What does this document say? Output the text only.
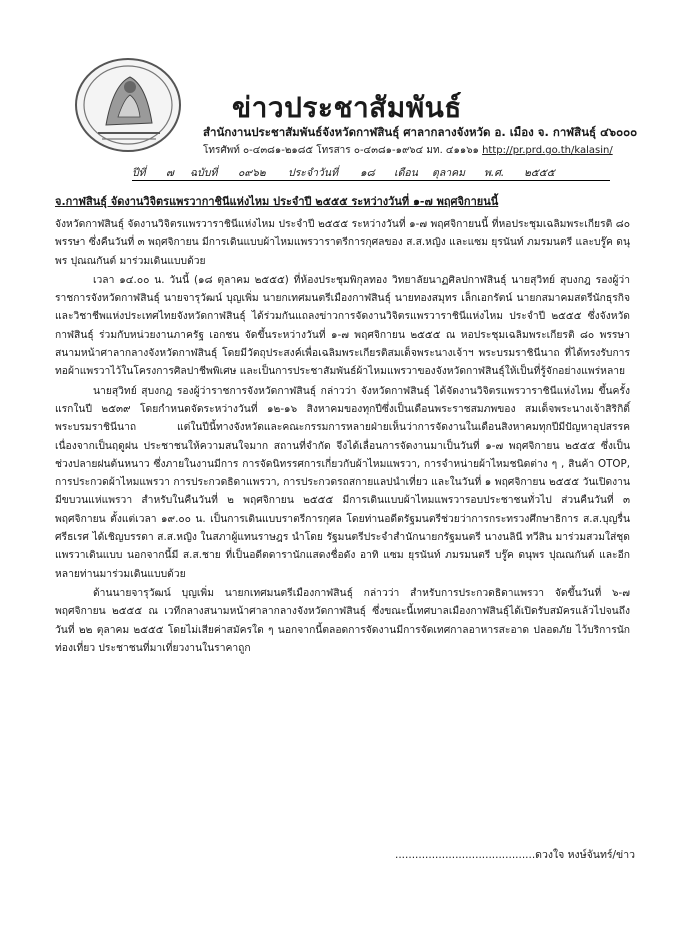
ข่าวประชาสัมพันธ์
สำนักงานประชาสัมพันธ์จังหวัดกาฬสินธุ์ ศาลากลางจังหวัด อ. เมือง จ. กาฬสินธุ์ ๔๖๐๐๐
โทรศัพท์ ๐-๔๓๘๑-๒๑๘๕ โทรสาร ๐-๔๓๘๑-๑๙๖๔ มท. ๔๑๑๖๑ http://pr.prd.go.th/kalasin/
ปีที่ ๗ ฉบับที่ ๐๙๖๒ ประจำวันที่ ๑๘ เดือน ตุลาคม พ.ศ. ๒๕๕๕
จ.กาฬสินธุ์ จัดงานวิจิตรแพรวากาชินีแห่งไหม ประจำปี ๒๕๕๕ ระหว่างวันที่ ๑-๗ พฤศจิกายนนี้

จังหวัดกาฬสินธุ์ จัดงานวิจิตรแพรวาราชินีแห่งไหม ประจำปี ๒๕๕๕ ระหว่างวันที่ ๑-๗ พฤศจิกายนนี้ ที่หอประชุมเฉลิมพระเกียรติ ๘๐ พรรษา ซึ่งคืนวันที่ ๓ พฤศจิกายน มีการเดินแบบผ้าไหมแพรวาราตรีการกุศลของ ส.ส.หญิง และแซม ยุรนันท์ ภมรมนตรี และบรู๊ค ดนุพร ปุณณกันต์ มาร่วมเดินแบบด้วย

เวลา ๑๔.๐๐ น. วันนี้ (๑๘ ตุลาคม ๒๕๕๕) ที่ห้องประชุมพิกุลทอง วิทยาลัยนาฏศิลปกาฬสินธุ์ นายสุวิทย์ สุบงกฎ รองผู้ว่าราชการจังหวัดกาฬสินธุ์ นายจารุวัฒน์ บุญเพิ่ม นายกเทศมนตรีเมืองกาฬสินธุ์ นายทองสมุทร เล็กเอกรัตน์ นายกสมาคมสตรีนักธุรกิจและวิชาชีพแห่งประเทศไทยจังหวัดกาฬสินธุ์ ได้ร่วมกันแถลงข่าวการจัดงานวิจิตรแพรวาราชินีแห่งไหม ประจำปี ๒๕๕๕ ซึ่งจังหวัดกาฬสินธุ์ ร่วมกับหน่วยงานภาครัฐ เอกชน จัดขึ้นระหว่างวันที่ ๑-๗ พฤศจิกายน ๒๕๕๕ ณ หอประชุมเฉลิมพระเกียรติ ๘๐ พรรษา สนามหน้าศาลากลางจังหวัดกาฬสินธุ์ โดยมีวัตถุประสงค์เพื่อเฉลิมพระเกียรติสมเด็จพระนางเจ้าฯ พระบรมราชินีนาถ ที่ได้ทรงรับการทอผ้าแพรวาไว้ในโครงการศิลปาชีพพิเศษ และเป็นการประชาสัมพันธ์ผ้าไหมแพรวาของจังหวัดกาฬสินธุ์ให้เป็นที่รู้จักอย่างแพร่หลาย

นายสุวิทย์ สุบงกฎ รองผู้ว่าราชการจังหวัดกาฬสินธุ์ กล่าวว่า จังหวัดกาฬสินธุ์ ได้จัดงานวิจิตรแพรวาราชินีแห่งไหม ขึ้นครั้งแรกในปี ๒๕๓๙ โดยกำหนดจัดระหว่างวันที่ ๑๒-๑๖ สิงหาคมของทุกปีซึ่งเป็นเดือนพระราชสมภพของ สมเด็จพระนางเจ้าสิริกิติ์ พระบรมราชินีนาถ แต่ในปีนี้ทางจังหวัดและคณะกรรมการหลายฝ่ายเห็นว่าการจัดงานในเดือนสิงหาคมทุกปีมีปัญหาอุปสรรค เนื่องจากเป็นฤดูฝน ประชาชนให้ความสนใจมาก สถานที่จำกัด จึงได้เลื่อนการจัดงานมาเป็นวันที่ ๑-๗ พฤศจิกายน ๒๕๕๕ ซึ่งเป็นช่วงปลายฝนต้นหนาว ซึ่งภายในงานมีการ การจัดนิทรรศการเกี่ยวกับผ้าไหมแพรวา, การจำหน่ายผ้าไหมชนิดต่าง ๆ , สินค้า OTOP, การประกวดผ้าไหมแพรวา การประกวดธิดาแพรวา, การประกวดรถสกายแลปนำเที่ยว และในวันที่ ๑ พฤศจิกายน ๒๕๕๕ วันเปิดงานมีขบวนแห่แพรวา สำหรับในคืนวันที่ ๒ พฤศจิกายน ๒๕๕๕ มีการเดินแบบผ้าไหมแพรวารอบประชาชนทั่วไป ส่วนคืนวันที่ ๓ พฤศจิกายน ตั้งแต่เวลา ๑๙.๐๐ น. เป็นการเดินแบบราตรีการกุศล โดยท่านอดีตรัฐมนตรีช่วยว่าการกระทรวงศึกษาธิการ ส.ส.บุญรื่น ศรีธเรศ ได้เชิญบรรดา ส.ส.หญิง ในสภาผู้แทนราษฎร นำโดย รัฐมนตรีประจำสำนักนายกรัฐมนตรี นางนลินี ทวีสิน มาร่วมสวมใส่ชุดแพรวาเดินแบบ นอกจากนี้มี ส.ส.ชาย ที่เป็นอดีตดารานักแสดงชื่อดัง อาทิ แซม ยุรนันท์ ภมรมนตรี บรู๊ค ดนุพร ปุณณกันต์ และอีกหลายท่านมาร่วมเดินแบบด้วย

ด้านนายจารุวัฒน์ บุญเพิ่ม นายกเทศมนตรีเมืองกาฬสินธุ์ กล่าวว่า สำหรับการประกวดธิดาแพรวา จัดขึ้นวันที่ ๖-๗ พฤศจิกายน ๒๕๕๕ ณ เวทีกลางสนามหน้าศาลากลางจังหวัดกาฬสินธุ์ ซึ่งขณะนี้เทศบาลเมืองกาฬสินธุ์ได้เปิดรับสมัครแล้วไปจนถึงวันที่ ๒๒ ตุลาคม ๒๕๕๕ โดยไม่เสียค่าสมัครใด ๆ นอกจากนี้ตลอดการจัดงานมีการจัดเทศกาลอาหารสะอาด ปลอดภัย ไว้บริการนักท่องเที่ยว ประชาชนที่มาเที่ยวงานในราคาถูก

..........................................ดวงใจ หงษ์จันทร์/ข่าว
